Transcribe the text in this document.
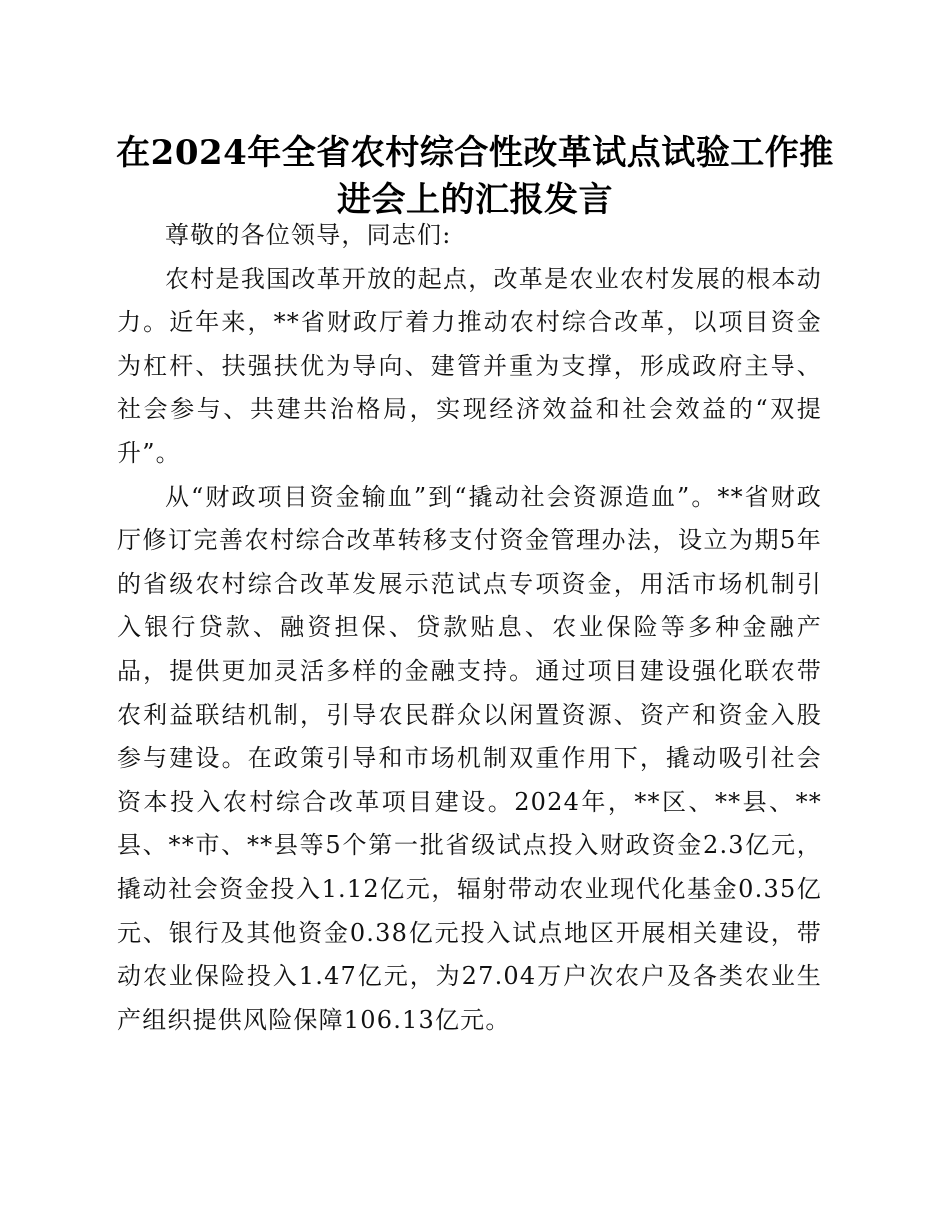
在2024年全省农村综合性改革试点试验工作推
进会上的汇报发言

尊敬的各位领导，同志们:

农村是我国改革开放的起点，改革是农业农村发展的根本动力。近年来，**省财政厅着力推动农村综合改革，以项目资金为杠杆、扶强扶优为导向、建管并重为支撑，形成政府主导、社会参与、共建共治格局，实现经济效益和社会效益的“双提升”。

从“财政项目资金输血”到“撬动社会资源造血”。**省财政厅修订完善农村综合改革转移支付资金管理办法，设立为期5年的省级农村综合改革发展示范试点专项资金，用活市场机制引入银行贷款、融资担保、贷款贴息、农业保险等多种金融产品，提供更加灵活多样的金融支持。通过项目建设强化联农带农利益联结机制，引导农民群众以闲置资源、资产和资金入股参与建设。在政策引导和市场机制双重作用下，撬动吸引社会资本投入农村综合改革项目建设。2024年，**区、**县、**县、**市、**县等5个第一批省级试点投入财政资金2.3亿元，撬动社会资金投入1.12亿元，辐射带动农业现代化基金0.35亿元、银行及其他资金0.38亿元投入试点地区开展相关建设，带动农业保险投入1.47亿元，为27.04万户次农户及各类农业生产组织提供风险保障106.13亿元。
